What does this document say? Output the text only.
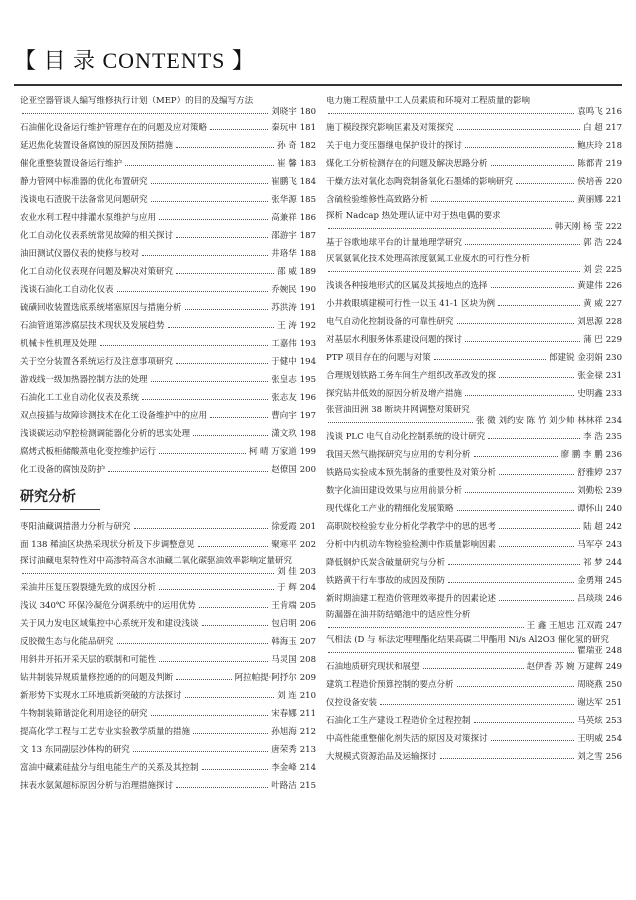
【 目 录 CONTENTS 】
论亚空器管谈人编写维修执行计划（MEP）的目的及编写方法
刘晓宇 180
石油催化设备运行维护管理存在的问题及应对策略	秦玩申 181
延迟焦化装置设备腐蚀的原因及预防措施	孙 奇 182
催化重整装置设备运行维护	崔 馨 183
静力管网中标准器的优化布置研究	崔鹏飞 184
浅谈电石渣脱干法备常见问题研究	张华源 185
农业水利工程中排灌水泵维护与应用	高兼祥 186
化工自动化仪表系统常见故障的相关探讨	邵游宇 187
油田测试仪器仪表的使修与校对	井珞华 188
化工自动化仪表现存问题及解决对策研究	邵 威 189
浅谈石油化工自动化仪表	乔婉民 190
硫磺回收装置选底系统堵塞原因与措施分析	苏洪涛 191
石油管道第涉腐层技术现状及发展趋势	王 涛 192
机械卡性机理及处理	工嘉伟 193
关于空分装置各系统运行及注意事项研究	于健中 194
游戏线一级加热器控制方法的处理	张皇志 195
石油化工工业自动化仪表及系统	张志友 196
双点接插与故障诊测技术在化工设备维护中的应用	曹向宇 197
浅谈碳运动窄腔检测调能器化分析的思实处理	潇文玖 198
腐烤式板柜储酸蒸电化变控维护运行	柯 晴 万家道 199
化工设备的腐蚀及防护	赵僚国 200
研究分析
枣阳油藏调措潜力分析与研究	徐爱霞 201
面 138 稀油区块热采现状分析及下步调整意见	聚寒平 202
探讨油藏电泵特性对中高渗特高含水油藏二氧化碳驱油效率影响定量研究
刘 佳 203
采油井压复压裂裂缝先致的成因分析	于 辉 204
浅议 340℃ 环保冷凝危分调系统中的运用优势	王肯端 205
关于风力发电区域集控中心系统开发和建设浅谈	包启明 206
反胶微生态与化能品研究	韩海玉 207
用斜井开拓开采天层的联制和可能性	马灵国 208
钻井制装异规质量修控通的的问题及判断	阿拉帕提·阿抒尔 209
新形势下实现水工环地质新突破的方法探讨	刘 连 210
牛物制装筛谐淀化利用途径的研究	宋春娜 211
提高化学工程与工艺专业实验教学质量的措施	孙旭海 212
文 13 东同副层沙体构的研究	唐荣秀 213
富油中藏素硅盐分与组电能生产的关系及其控制	李金峰 214
抹表水氨氮超标原因分析与治理措施探讨	叶路洁 215
电力施工程质量中工人员素质和环境对工程质量的影响
袁鸣飞 216
施丁模段探究影响匡素及对策探究	白 超 217
关于电力变压器继电保护设计的探讨	鲍庆玲 218
煤化工分析检测存在的问题及解决思路分析	陈都青 219
干燥方法对氧化态陶瓷制备氧化石墨烯的影响研究	侯培善 220
含硫检验维修性高致路分析	黄丽娜 221
探析 Nadcap 热处理认证中对于热电偶的要求
韩天刚 杨 莹 222
基于谷歌地球平台的计量地理学研究	郭 浩 224
厌氧氨氧化技术处理高浓度氨氮工业废水的可行性分析
刘 尝 225
浅谈各种接地形式的区属及其接地点的选择	黄建伟 226
小井救眼填建模可行性一以玉 41-1 区块为例	黄 威 227
电气自动化控制设备的可靠性研究	刘思源 228
对基层水利服务体系建设问题的探讨	蒲 巴 229
PTP 项目存在的问题与对策	郎建锐 金羽娟 230
合理规划铁路工务车间生产组织改革改发的探	张金禄 231
探究钻井低效的原因分析及增产措施	史明鑫 233
张营油田洲 38 断块井网调整对策研究
张 微 刘约安 陈 竹 刘少帅 林林祥 234
浅谈 PLC 电气自动化控制系统的设计研究	李 浩 235
我国天然气勘探研究与应用的专利分析	廖 鹏 李 鹏 236
铁路局实验成本预先制备的重要性及对策分析	舒雅婷 237
数字化油田建设效果与应用前景分析	刘勤松 239
现代煤化工产业的精细化发展策略	谭怀山 240
高职院校检验专业分析化学教学中的思的思考	陆 超 242
分析中内机动车物检验检测中作质量影响因素	马军亭 243
降低钢炉氏炭含破量研究与分析	祁 梦 244
铁路黄干行车事故的成因及预防	金勇翔 245
新时期油建工程造价管理效率提升的因素论述	吕琰琰 246
防漏器在油井防结蜡池中的适应性分析
王 鑫 王旭忠 江双霞 247
气相法 (D 与 标法定哩哩酯化结果高碳二甲酯用 Ni/s Al2O3 催化氢的研究
瞿瑞亚 248
石油地质研究现状和展望	赵伊香 苏 婉 万建辉 249
建筑工程造价预算控制的要点分析	周晓燕 250
仪控设备安装	谢达军 251
石油化工生产建设工程造价全过程控制	马英炫 253
中高性能重整催化剂失活的原因及对策探讨	王明威 254
大规模式资源治品及运输探讨	刘之雪 256
